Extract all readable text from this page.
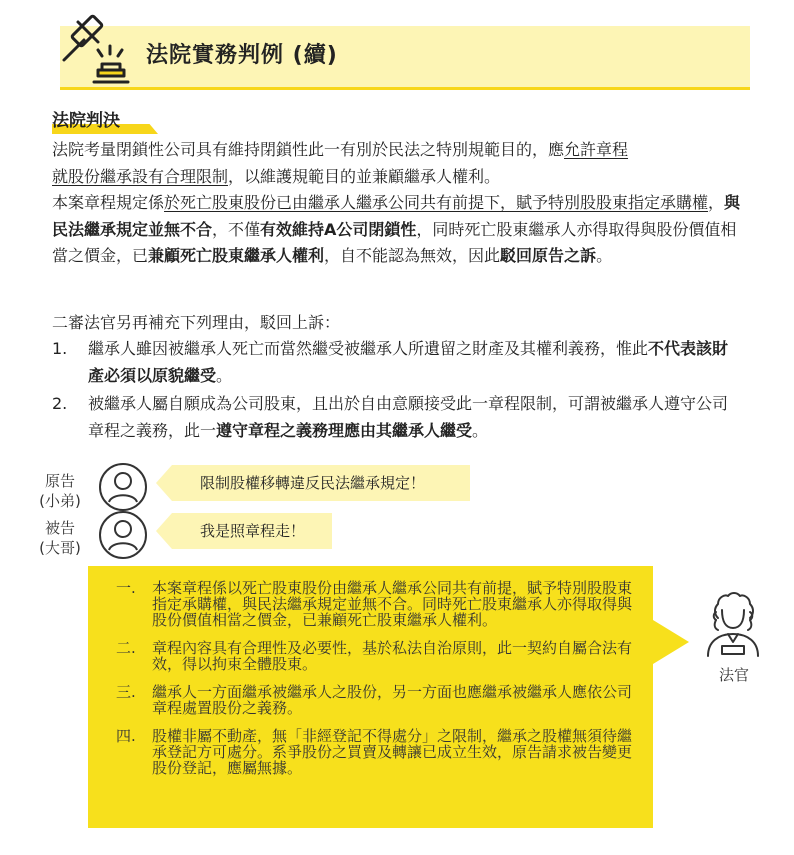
法院實務判例 (續)
法院判決
法院考量閉鎖性公司具有維持閉鎖性此一有別於民法之特別規範目的，應允許章程
就股份繼承設有合理限制，以維護規範目的並兼顧繼承人權利。
本案章程規定係於死亡股東股份已由繼承人繼承公同共有前提下，賦予特別股股東指定承購權，與民法繼承規定並無不合，不僅有效維持A公司閉鎖性，同時死亡股東繼承人亦得取得與股份價值相當之價金，已兼顧死亡股東繼承人權利，自不能認為無效，因此駁回原告之訴。
二審法官另再補充下列理由，駁回上訴：
1. 繼承人雖因被繼承人死亡而當然繼受被繼承人所遺留之財產及其權利義務，惟此不代表該財產必須以原貌繼受。
2. 被繼承人屬自願成為公司股東，且出於自由意願接受此一章程限制，可謂被繼承人遵守公司章程之義務，此一遵守章程之義務理應由其繼承人繼受。
原告
(小弟)
限制股權移轉違反民法繼承規定！
被告
(大哥)
我是照章程走！
一. 本案章程係以死亡股東股份由繼承人繼承公同共有前提，賦予特別股股東指定承購權，與民法繼承規定並無不合。同時死亡股東繼承人亦得取得與股份價值相當之價金，已兼顧死亡股東繼承人權利。
二. 章程內容具有合理性及必要性，基於私法自治原則，此一契約自屬合法有效，得以拘束全體股東。
三. 繼承人一方面繼承被繼承人之股份，另一方面也應繼承被繼承人應依公司章程處置股份之義務。
四. 股權非屬不動產，無「非經登記不得處分」之限制，繼承之股權無須待繼承登記方可處分。系爭股份之買賣及轉讓已成立生效，原告請求被告變更股份登記，應屬無據。
法官
